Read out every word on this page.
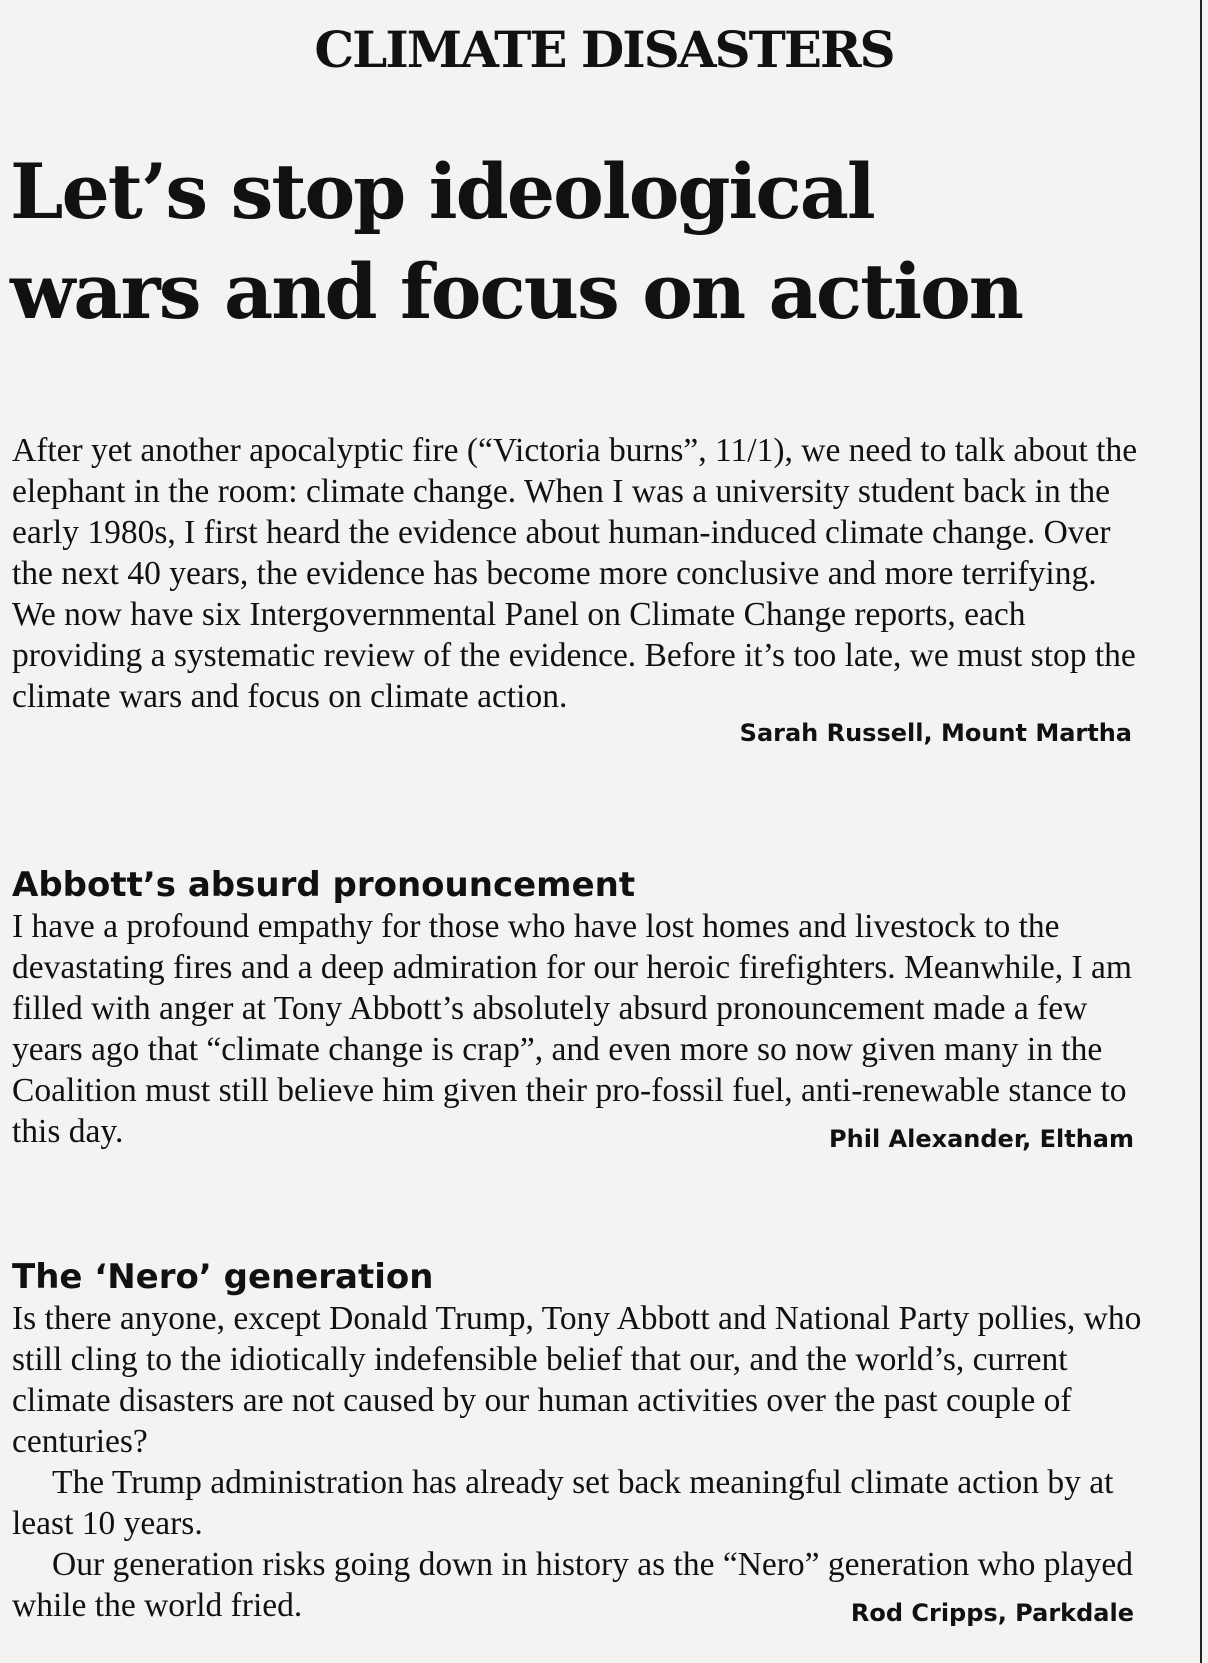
CLIMATE DISASTERS
Let’s stop ideological
wars and focus on action

After yet another apocalyptic fire (“Victoria burns”, 11/1), we need to talk about the elephant in the room: climate change. When I was a university student back in the early 1980s, I first heard the evidence about human-induced climate change. Over the next 40 years, the evidence has become more conclusive and more terrifying. We now have six Intergovernmental Panel on Climate Change reports, each providing a systematic review of the evidence. Before it’s too late, we must stop the climate wars and focus on climate action.

Sarah Russell, Mount Martha
Abbott’s absurd pronouncement

I have a profound empathy for those who have lost homes and livestock to the devastating fires and a deep admiration for our heroic firefighters. Meanwhile, I am filled with anger at Tony Abbott’s absolutely absurd pronouncement made a few years ago that “climate change is crap”, and even more so now given many in the Coalition must still believe him given their pro-fossil fuel, anti-renewable stance to this day.	Phil Alexander, Eltham

The ‘Nero’ generation

Is there anyone, except Donald Trump, Tony Abbott and National Party pollies, who still cling to the idiotically indefensible belief that our, and the world’s, current climate disasters are not caused by our human activities over the past couple of centuries?

The Trump administration has already set back meaningful climate action by at least 10 years.

Our generation risks going down in history as the “Nero” generation who played while the world fried.	Rod Cripps, Parkdale
